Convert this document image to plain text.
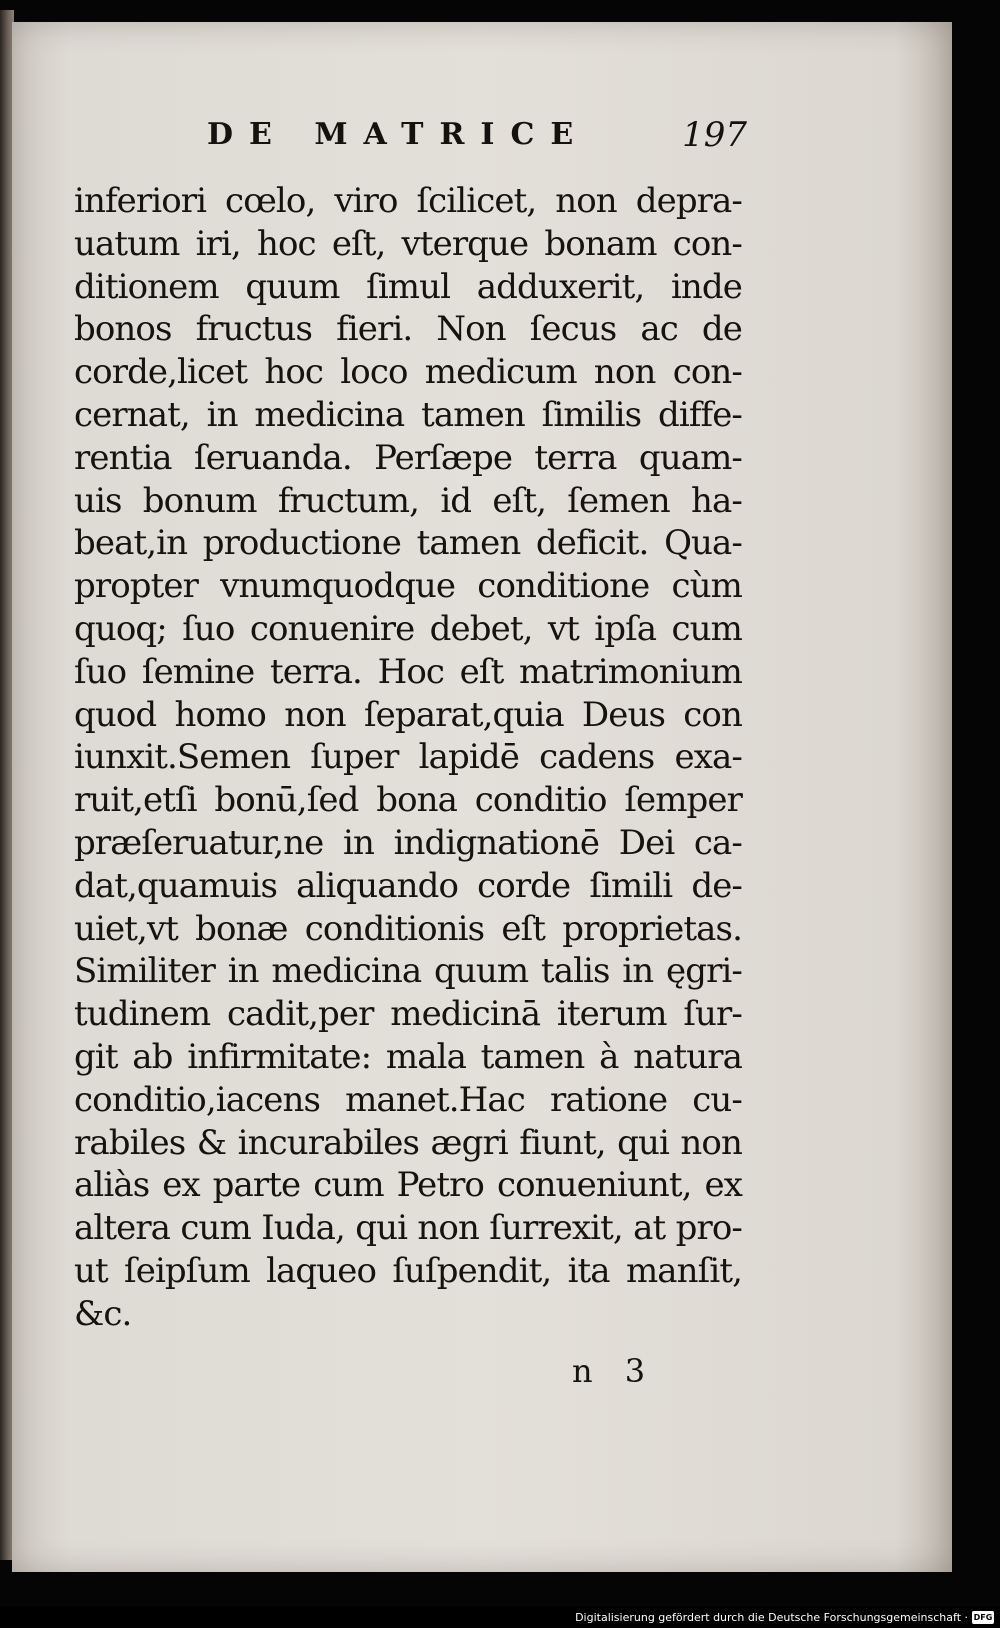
DE MATRICE	197
inferiori cœlo, viro ſcilicet, non depra-
uatum iri, hoc eſt, vterque bonam con-
ditionem quum ſimul adduxerit, inde
bonos fructus fieri. Non ſecus ac de
corde,licet hoc loco medicum non con-
cernat, in medicina tamen ſimilis diffe-
rentia ſeruanda. Perſæpe terra quam-
uis bonum fructum, id eſt, ſemen ha-
beat,in productione tamen deficit. Qua-
propter vnumquodque conditione cùm
quoq; ſuo conuenire debet, vt ipſa cum
ſuo ſemine terra. Hoc eſt matrimonium
quod homo non ſeparat,quia Deus con
iunxit.Semen ſuper lapidē cadens exa-
ruit,etſi bonū,ſed bona conditio ſemper
præſeruatur,ne in indignationē Dei ca-
dat,quamuis aliquando corde ſimili de-
uiet,vt bonæ conditionis eſt proprietas.
Similiter in medicina quum talis in ęgri-
tudinem cadit,per medicinā iterum ſur-
git ab infirmitate: mala tamen à natura
conditio,iacens manet.Hac ratione cu-
rabiles & incurabiles ægri fiunt, qui non
aliàs ex parte cum Petro conueniunt, ex
altera cum Iuda, qui non ſurrexit, at pro-
ut ſeipſum laqueo ſuſpendit, ita manſit,
&c.
n 3
Digitalisierung gefördert durch die Deutsche Forschungsgemeinschaft · DFG
